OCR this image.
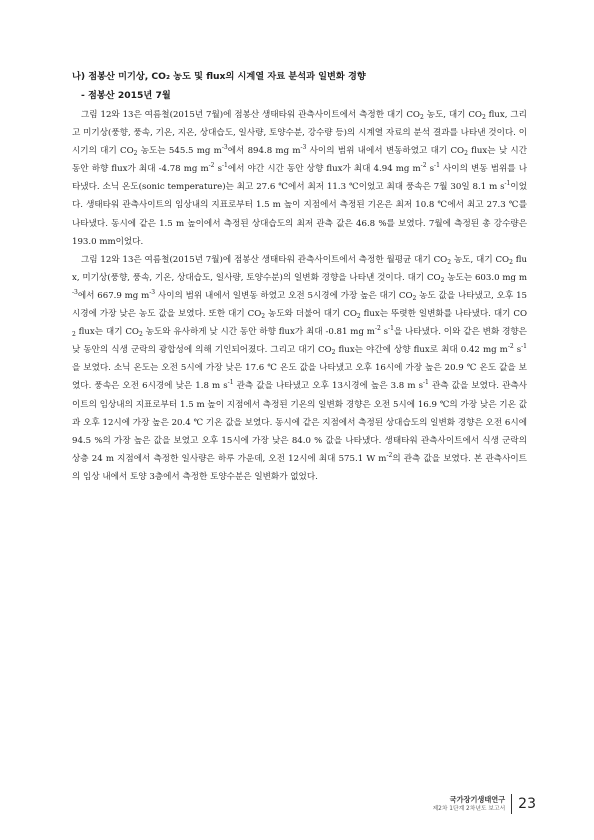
나) 점봉산 미기상, CO₂ 농도 및 flux의 시계열 자료 분석과 일변화 경향
- 점봉산 2015년 7월

그림 12와 13은 여름철(2015년 7월)에 점봉산 생태타워 관측사이트에서 측정한 대기 $CO_2$ 농도, 대기 $CO_2$ flux, 그리고 미기상(풍향, 풍속, 기온, 지온, 상대습도, 일사량, 토양수분, 강수량 등)의 시계열 자료의 분석 결과를 나타낸 것이다. 이 시기의 대기 $CO_2$ 농도는 545.5 mg $m^{-3}$에서 894.8 mg $m^{-3}$ 사이의 범위 내에서 변동하였고 대기 $CO_2$ flux는 낮 시간 동안 하향 flux가 최대 -4.78 mg $m^{-2}$ $s^{-1}$에서 야간 시간 동안 상향 flux가 최대 4.94 mg $m^{-2}$ $s^{-1}$ 사이의 변동 범위를 나타냈다. 소닉 온도(sonic temperature)는 최고 27.6 ℃에서 최저 11.3 ℃이었고 최대 풍속은 7월 30일 8.1 m $s^{-1}$이었다. 생태타워 관측사이트의 임상내의 지표로부터 1.5 m 높이 지점에서 측정된 기온은 최저 10.8 ℃에서 최고 27.3 ℃를 나타냈다. 동시에 같은 1.5 m 높이에서 측정된 상대습도의 최저 관측 값은 46.8 %를 보였다. 7월에 측정된 총 강수량은 193.0 mm이었다.

그림 12와 13은 여름철(2015년 7월)에 점봉산 생태타워 관측사이트에서 측정한 월평균 대기 $CO_2$ 농도, 대기 $CO_2$ flux, 미기상(풍향, 풍속, 기온, 상대습도, 일사량, 토양수분)의 일변화 경향을 나타낸 것이다. 대기 $CO_2$ 농도는 603.0 mg $m^{-3}$에서 667.9 mg $m^{-3}$ 사이의 범위 내에서 일변동 하였고 오전 5시경에 가장 높은 대기 $CO_2$ 농도 값을 나타냈고, 오후 15시경에 가장 낮은 농도 값을 보였다. 또한 대기 $CO_2$ 농도와 더불어 대기 $CO_2$ flux는 뚜렷한 일변화를 나타냈다. 대기 $CO_2$ flux는 대기 $CO_2$ 농도와 유사하게 낮 시간 동안 하향 flux가 최대 -0.81 mg $m^{-2}$ $s^{-1}$을 나타냈다. 이와 같은 변화 경향은 낮 동안의 식생 군락의 광합성에 의해 기인되어졌다. 그리고 대기 $CO_2$ flux는 야간에 상향 flux로 최대 0.42 mg $m^{-2}$ $s^{-1}$을 보였다. 소닉 온도는 오전 5시에 가장 낮은 17.6 ℃ 온도 값을 나타냈고 오후 16시에 가장 높은 20.9 ℃ 온도 값을 보였다. 풍속은 오전 6시경에 낮은 1.8 m $s^{-1}$ 관측 값을 나타냈고 오후 13시경에 높은 3.8 m $s^{-1}$ 관측 값을 보였다. 관측사이트의 임상내의 지표로부터 1.5 m 높이 지점에서 측정된 기온의 일변화 경향은 오전 5시에 16.9 ℃의 가장 낮은 기온 값과 오후 12시에 가장 높은 20.4 ℃ 기온 값을 보였다. 동시에 같은 지점에서 측정된 상대습도의 일변화 경향은 오전 6시에 94.5 %의 가장 높은 값을 보였고 오후 15시에 가장 낮은 84.0 % 값을 나타냈다. 생태타워 관측사이트에서 식생 군락의 상층 24 m 지점에서 측정한 일사량은 하루 가운데, 오전 12시에 최대 575.1 W $m^{-2}$의 관측 값을 보였다. 본 관측사이트의 임상 내에서 토양 3층에서 측정한 토양수분은 일변화가 없었다.

국가장기생태연구
제2차 1단계 2차년도 보고서 23
